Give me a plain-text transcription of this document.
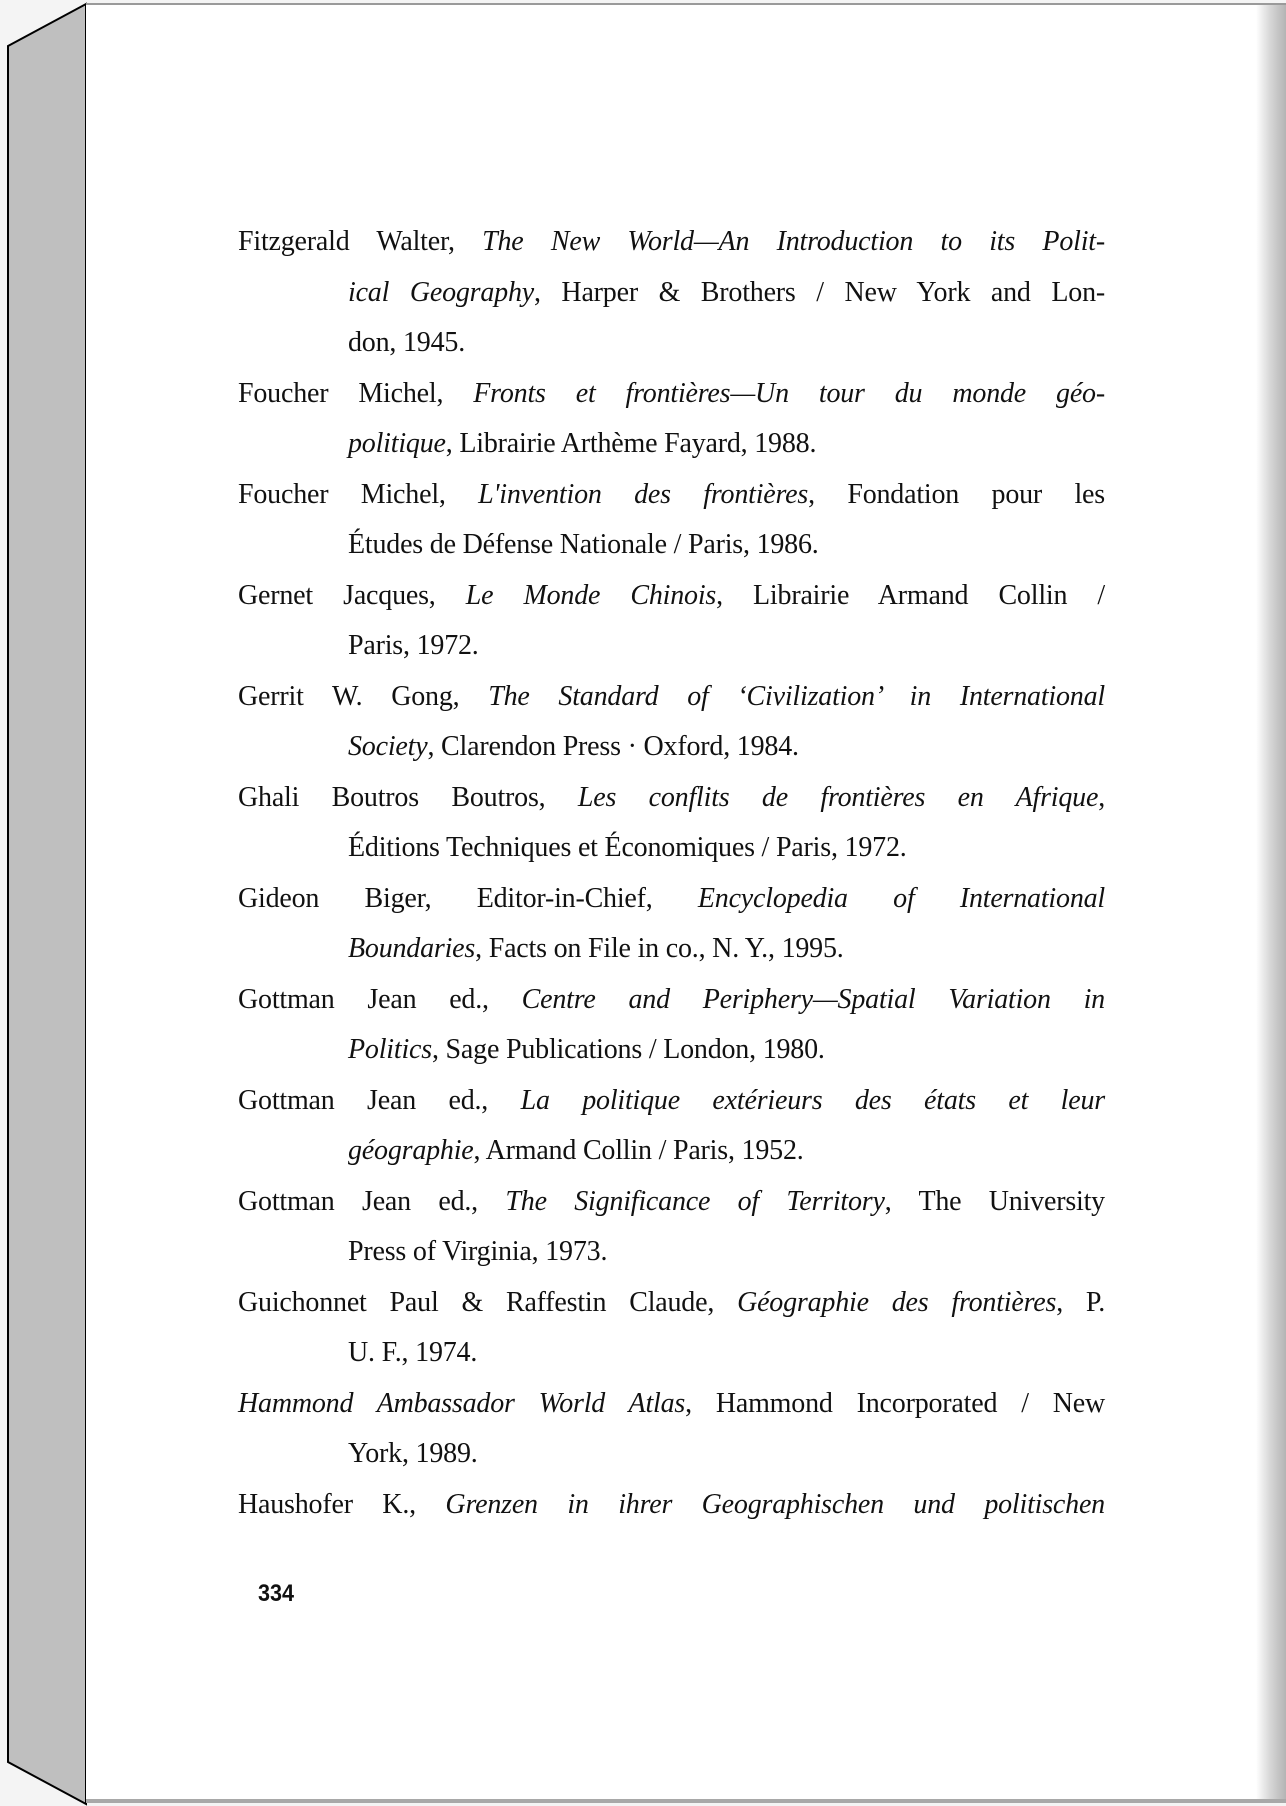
Fitzgerald Walter, The New World—An Introduction to its Polit-
ical Geography, Harper & Brothers / New York and Lon-
don, 1945.
Foucher Michel, Fronts et frontières—Un tour du monde géo-
politique, Librairie Arthème Fayard, 1988.
Foucher Michel, L'invention des frontières, Fondation pour les
Études de Défense Nationale / Paris, 1986.
Gernet Jacques, Le Monde Chinois, Librairie Armand Collin /
Paris, 1972.
Gerrit W. Gong, The Standard of ‘Civilization’ in International
Society, Clarendon Press · Oxford, 1984.
Ghali Boutros Boutros, Les conflits de frontières en Afrique,
Éditions Techniques et Économiques / Paris, 1972.
Gideon Biger, Editor-in-Chief, Encyclopedia of International
Boundaries, Facts on File in co., N. Y., 1995.
Gottman Jean ed., Centre and Periphery—Spatial Variation in
Politics, Sage Publications / London, 1980.
Gottman Jean ed., La politique extérieurs des états et leur
géographie, Armand Collin / Paris, 1952.
Gottman Jean ed., The Significance of Territory, The University
Press of Virginia, 1973.
Guichonnet Paul & Raffestin Claude, Géographie des frontières, P.
U. F., 1974.
Hammond Ambassador World Atlas, Hammond Incorporated / New
York, 1989.
Haushofer K., Grenzen in ihrer Geographischen und politischen
334
